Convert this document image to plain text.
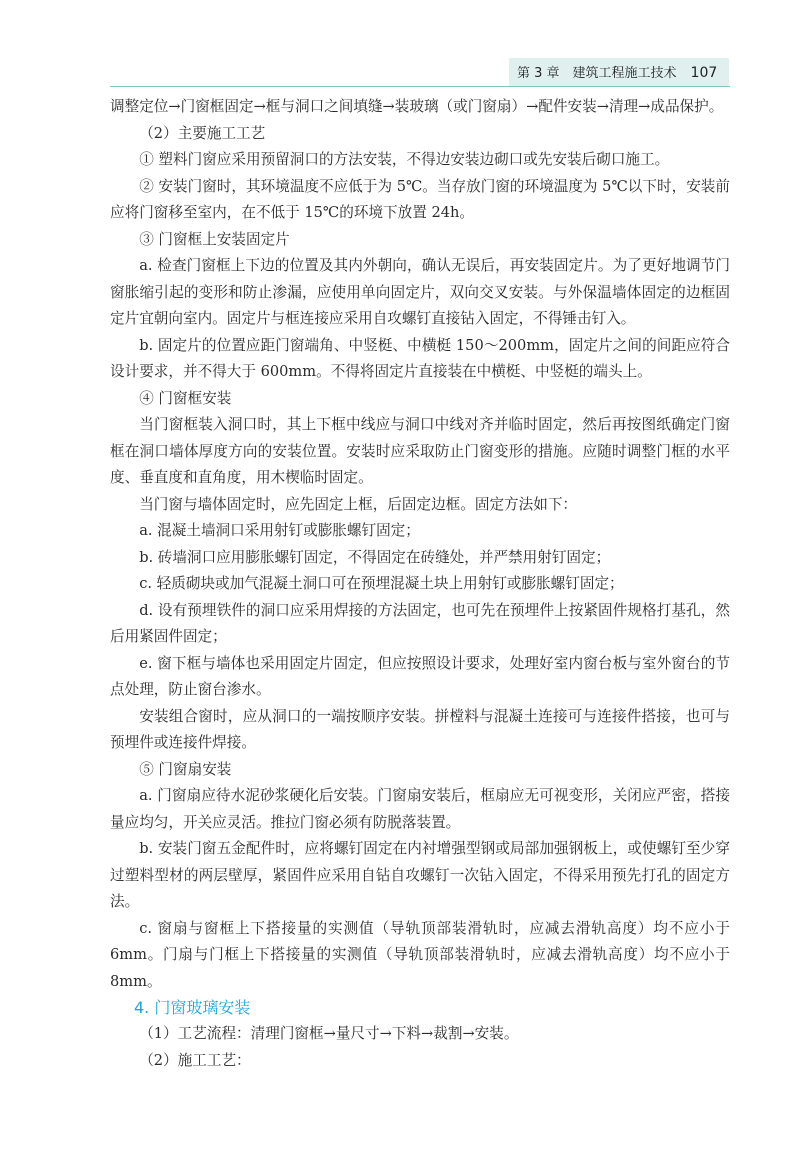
第 3 章　建筑工程施工技术 107

调整定位→门窗框固定→框与洞口之间填缝→装玻璃（或门窗扇）→配件安装→清理→成品保护。

（2）主要施工工艺

① 塑料门窗应采用预留洞口的方法安装，不得边安装边砌口或先安装后砌口施工。

② 安装门窗时，其环境温度不应低于为 5℃。当存放门窗的环境温度为 5℃以下时，安装前应将门窗移至室内，在不低于 15℃的环境下放置 24h。

③ 门窗框上安装固定片

a. 检查门窗框上下边的位置及其内外朝向，确认无误后，再安装固定片。为了更好地调节门窗胀缩引起的变形和防止渗漏，应使用单向固定片，双向交叉安装。与外保温墙体固定的边框固定片宜朝向室内。固定片与框连接应采用自攻螺钉直接钻入固定，不得锤击钉入。

b. 固定片的位置应距门窗端角、中竖梃、中横梃 150～200mm，固定片之间的间距应符合设计要求，并不得大于 600mm。不得将固定片直接装在中横梃、中竖梃的端头上。

④ 门窗框安装

当门窗框装入洞口时，其上下框中线应与洞口中线对齐并临时固定，然后再按图纸确定门窗框在洞口墙体厚度方向的安装位置。安装时应采取防止门窗变形的措施。应随时调整门框的水平度、垂直度和直角度，用木楔临时固定。

当门窗与墙体固定时，应先固定上框，后固定边框。固定方法如下：

a. 混凝土墙洞口采用射钉或膨胀螺钉固定；

b. 砖墙洞口应用膨胀螺钉固定，不得固定在砖缝处，并严禁用射钉固定；

c. 轻质砌块或加气混凝土洞口可在预埋混凝土块上用射钉或膨胀螺钉固定；

d. 设有预埋铁件的洞口应采用焊接的方法固定，也可先在预埋件上按紧固件规格打基孔，然后用紧固件固定；

e. 窗下框与墙体也采用固定片固定，但应按照设计要求，处理好室内窗台板与室外窗台的节点处理，防止窗台渗水。

安装组合窗时，应从洞口的一端按顺序安装。拼樘料与混凝土连接可与连接件搭接，也可与预埋件或连接件焊接。

⑤ 门窗扇安装

a. 门窗扇应待水泥砂浆硬化后安装。门窗扇安装后，框扇应无可视变形，关闭应严密，搭接量应均匀，开关应灵活。推拉门窗必须有防脱落装置。

b. 安装门窗五金配件时，应将螺钉固定在内衬增强型钢或局部加强钢板上，或使螺钉至少穿过塑料型材的两层壁厚，紧固件应采用自钻自攻螺钉一次钻入固定，不得采用预先打孔的固定方法。

c. 窗扇与窗框上下搭接量的实测值（导轨顶部装滑轨时，应减去滑轨高度）均不应小于 6mm。门扇与门框上下搭接量的实测值（导轨顶部装滑轨时，应减去滑轨高度）均不应小于 8mm。

4. 门窗玻璃安装

（1）工艺流程：清理门窗框→量尺寸→下料→裁割→安装。

（2）施工工艺：
